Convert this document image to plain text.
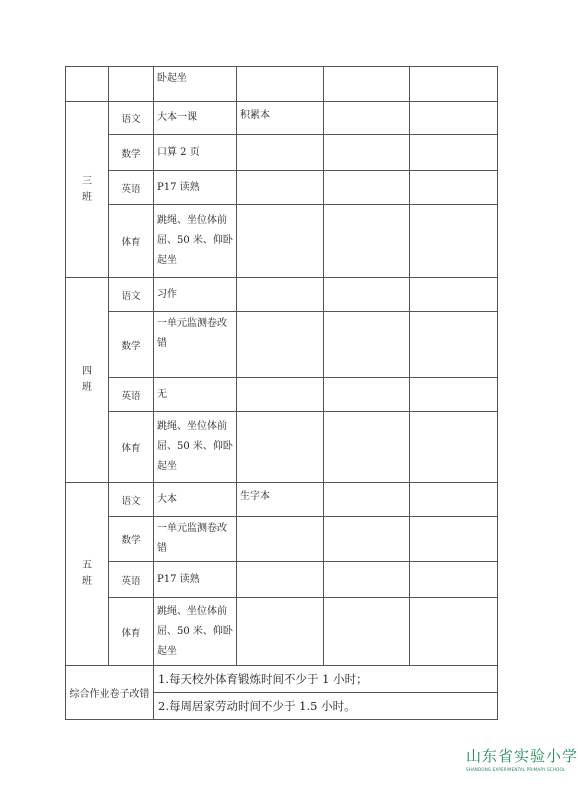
		卧起坐			
三
班	语文	大本一课	积累本		
	数学	口算 2 页			
	英语	P17 读熟			
	体育	跳绳、坐位体前屈、50 米、仰卧起坐			
四
班	语文	习作			
	数学	一单元监测卷改错			
	英语	无			
	体育	跳绳、坐位体前屈、50 米、仰卧起坐			
五
班	语文	大本	生字本		
	数学	一单元监测卷改错			
	英语	P17 读熟			
	体育	跳绳、坐位体前屈、50 米、仰卧起坐			
综合作业卷子改错		1.每天校外体育锻炼时间不少于 1 小时；
2.每周居家劳动时间不少于 1.5 小时。			
山东省实验小学
SHANDONG EXPERIMENTAL PRIMARY SCHOOL
